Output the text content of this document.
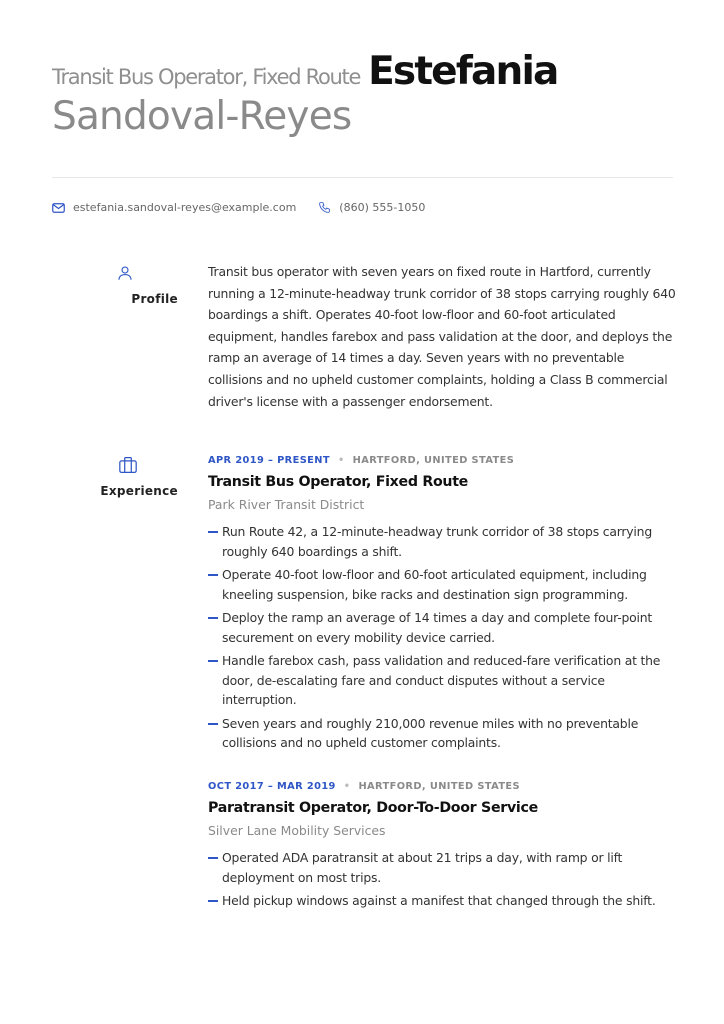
Transit Bus Operator, Fixed Route Estefania
Sandoval-Reyes
estefania.sandoval-reyes@example.com	(860) 555-1050
Profile
Transit bus operator with seven years on fixed route in Hartford, currently running a 12-minute-headway trunk corridor of 38 stops carrying roughly 640 boardings a shift. Operates 40-foot low-floor and 60-foot articulated equipment, handles farebox and pass validation at the door, and deploys the ramp an average of 14 times a day. Seven years with no preventable collisions and no upheld customer complaints, holding a Class B commercial driver's license with a passenger endorsement.
Experience
APR 2019 – PRESENT • HARTFORD, UNITED STATES
Transit Bus Operator, Fixed Route
Park River Transit District
Run Route 42, a 12-minute-headway trunk corridor of 38 stops carrying roughly 640 boardings a shift.
Operate 40-foot low-floor and 60-foot articulated equipment, including kneeling suspension, bike racks and destination sign programming.
Deploy the ramp an average of 14 times a day and complete four-point securement on every mobility device carried.
Handle farebox cash, pass validation and reduced-fare verification at the door, de-escalating fare and conduct disputes without a service interruption.
Seven years and roughly 210,000 revenue miles with no preventable collisions and no upheld customer complaints.
OCT 2017 – MAR 2019 • HARTFORD, UNITED STATES
Paratransit Operator, Door-To-Door Service
Silver Lane Mobility Services
Operated ADA paratransit at about 21 trips a day, with ramp or lift deployment on most trips.
Held pickup windows against a manifest that changed through the shift.
